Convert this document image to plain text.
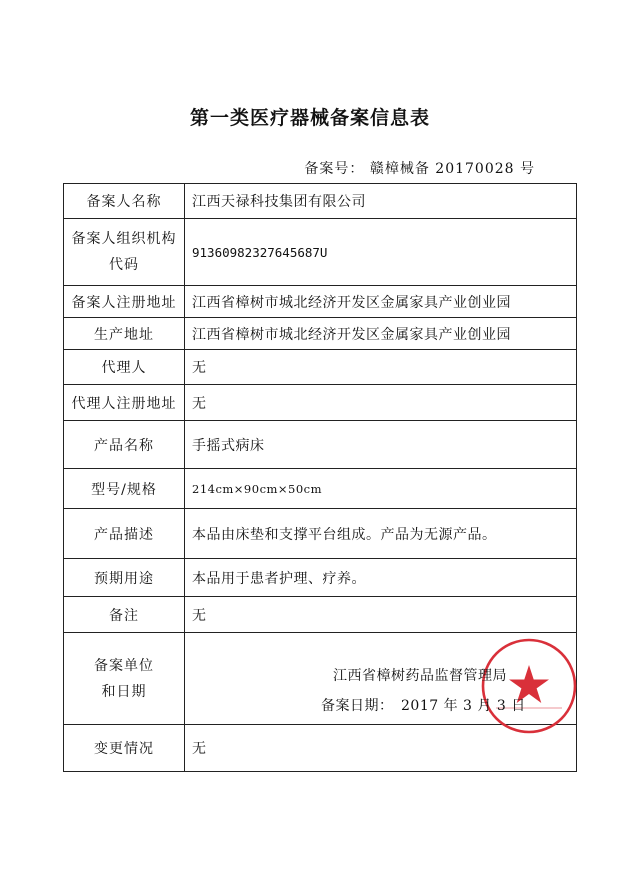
第一类医疗器械备案信息表
备案号： 赣樟械备 20170028 号
备案人名称	江西天禄科技集团有限公司

备案人组织机构
代码	91360982327645687U
备案人注册地址	江西省樟树市城北经济开发区金属家具产业创业园
生产地址	江西省樟树市城北经济开发区金属家具产业创业园
代理人	无
代理人注册地址	无
产品名称	手摇式病床
型号/规格	214cm×90cm×50cm
产品描述	本品由床垫和支撑平台组成。产品为无源产品。
预期用途	本品用于患者护理、疗养。
备注	无

备案单位
和日期	江西省樟树药品监督管理局
备案日期：　2017 年 3 月 3 日

变更情况	无
